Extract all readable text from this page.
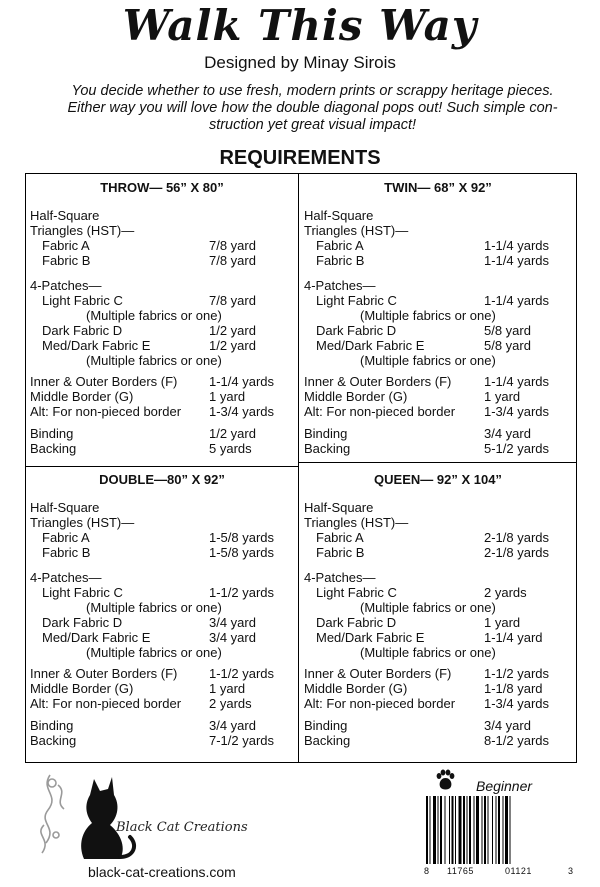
Walk This Way
Designed by Minay Sirois

You decide whether to use fresh, modern prints or scrappy heritage pieces.

Either way you will love how the double diagonal pops out! Such simple con-

struction yet great visual impact!

REQUIREMENTS
THROW— 56” X 80”
Half-Square
Triangles (HST)—
Fabric A	7/8 yard
Fabric B	7/8 yard
4-Patches—
Light Fabric C	7/8 yard
(Multiple fabrics or one)
Dark Fabric D	1/2 yard
Med/Dark Fabric E	1/2 yard
(Multiple fabrics or one)
Inner & Outer Borders (F) 1-1/4 yards
Middle Border (G)	1 yard
Alt: For non-pieced border 1-3/4 yards
Binding	1/2 yard
Backing	5 yards
TWIN— 68” X 92”
Half-Square
Triangles (HST)—
Fabric A	1-1/4 yards
Fabric B	1-1/4 yards
4-Patches—
Light Fabric C	1-1/4 yards
(Multiple fabrics or one)
Dark Fabric D	5/8 yard
Med/Dark Fabric E	5/8 yard
(Multiple fabrics or one)
Inner & Outer Borders (F)	1-1/4 yards
Middle Border (G)	1 yard
Alt: For non-pieced border 1-3/4 yards
Binding	3/4 yard
Backing	5-1/2 yards
DOUBLE—80” X 92”
Half-Square
Triangles (HST)—
Fabric A	1-5/8 yards
Fabric B	1-5/8 yards
4-Patches—
Light Fabric C	1-1/2 yards
(Multiple fabrics or one)
Dark Fabric D	3/4 yard
Med/Dark Fabric E	3/4 yard
(Multiple fabrics or one)
Inner & Outer Borders (F) 1-1/2 yards
Middle Border (G)	1 yard
Alt: For non-pieced border 2 yards
Binding	3/4 yard
Backing	7-1/2 yards
QUEEN— 92” X 104”
Half-Square
Triangles (HST)—
Fabric A	2-1/8 yards
Fabric B	2-1/8 yards
4-Patches—
Light Fabric C	2 yards
(Multiple fabrics or one)
Dark Fabric D	1 yard
Med/Dark Fabric E	1-1/4 yard
(Multiple fabrics or one)
Inner & Outer Borders (F)	1-1/2 yards
Middle Border (G)	1-1/8 yard
Alt: For non-pieced border 1-3/4 yards
Binding	3/4 yard
Backing	8-1/2 yards
Black Cat Creations
black-cat-creations.com
Beginner
8 11765	01121	3
